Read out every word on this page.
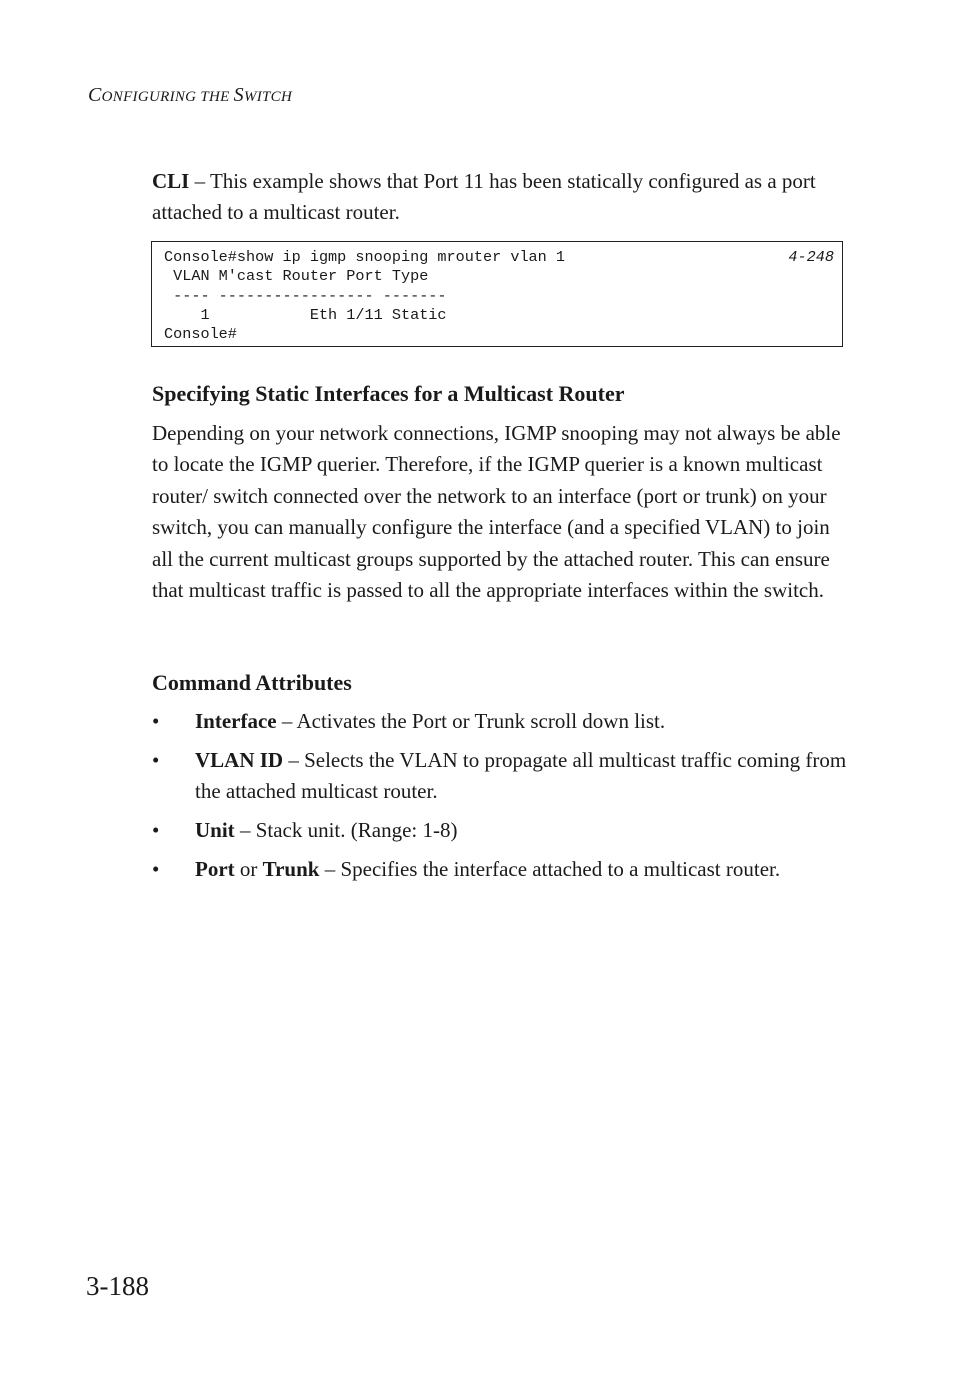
CONFIGURING THE SWITCH

CLI – This example shows that Port 11 has been statically configured as a port attached to a multicast router.

Console#show ip igmp snooping mrouter vlan 1
VLAN M'cast Router Port Type
---- ----------------- -------
1           Eth 1/11 Static
Console#
4-248
Specifying Static Interfaces for a Multicast Router

Depending on your network connections, IGMP snooping may not always be able to locate the IGMP querier. Therefore, if the IGMP querier is a known multicast router/ switch connected over the network to an interface (port or trunk) on your switch, you can manually configure the interface (and a specified VLAN) to join all the current multicast groups supported by the attached router. This can ensure that multicast traffic is passed to all the appropriate interfaces within the switch.

Command Attributes
• Interface – Activates the Port or Trunk scroll down list.
• VLAN ID – Selects the VLAN to propagate all multicast traffic coming from the attached multicast router.
• Unit – Stack unit. (Range: 1-8)
• Port or Trunk – Specifies the interface attached to a multicast router.
3-188
